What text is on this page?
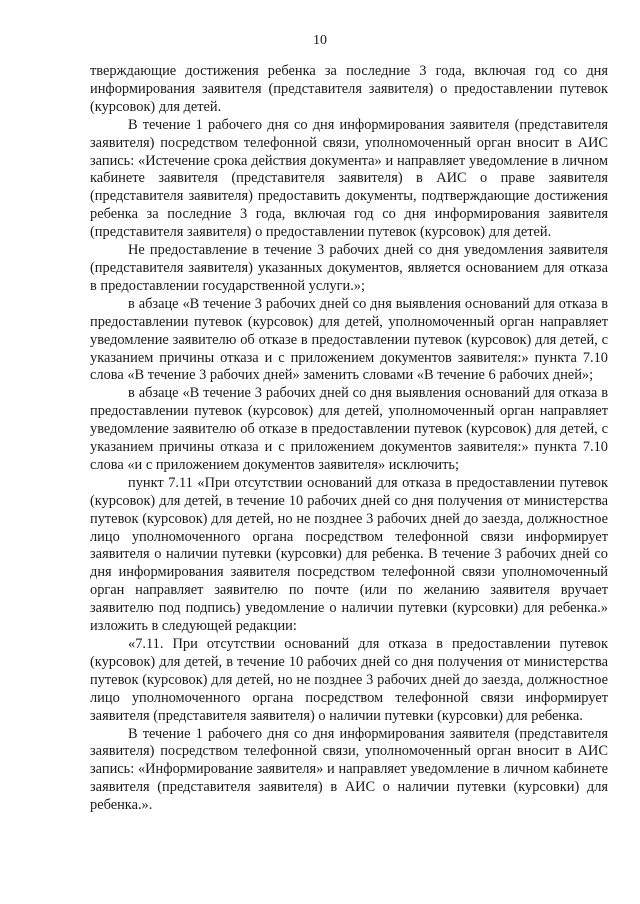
10

тверждающие достижения ребенка за последние 3 года, включая год со дня информирования заявителя (представителя заявителя) о предоставлении путевок (курсовок) для детей.

В течение 1 рабочего дня со дня информирования заявителя (представителя заявителя) посредством телефонной связи, уполномоченный орган вносит в АИС запись: «Истечение срока действия документа» и направляет уведомление в личном кабинете заявителя (представителя заявителя) в АИС о праве заявителя (представителя заявителя) предоставить документы, подтверждающие достижения ребенка за последние 3 года, включая год со дня информирования заявителя (представителя заявителя) о предоставлении путевок (курсовок) для детей.

Не предоставление в течение 3 рабочих дней со дня уведомления заявителя (представителя заявителя) указанных документов, является основанием для отказа в предоставлении государственной услуги.»;

в абзаце «В течение 3 рабочих дней со дня выявления оснований для отказа в предоставлении путевок (курсовок) для детей, уполномоченный орган направляет уведомление заявителю об отказе в предоставлении путевок (курсовок) для детей, с указанием причины отказа и с приложением документов заявителя:» пункта 7.10 слова «В течение 3 рабочих дней» заменить словами «В течение 6 рабочих дней»;

в абзаце «В течение 3 рабочих дней со дня выявления оснований для отказа в предоставлении путевок (курсовок) для детей, уполномоченный орган направляет уведомление заявителю об отказе в предоставлении путевок (курсовок) для детей, с указанием причины отказа и с приложением документов заявителя:» пункта 7.10 слова «и с приложением документов заявителя» исключить;

пункт 7.11 «При отсутствии оснований для отказа в предоставлении путевок (курсовок) для детей, в течение 10 рабочих дней со дня получения от министерства путевок (курсовок) для детей, но не позднее 3 рабочих дней до заезда, должностное лицо уполномоченного органа посредством телефонной связи информирует заявителя о наличии путевки (курсовки) для ребенка. В течение 3 рабочих дней со дня информирования заявителя посредством телефонной связи уполномоченный орган направляет заявителю по почте (или по желанию заявителя вручает заявителю под подпись) уведомление о наличии путевки (курсовки) для ребенка.» изложить в следующей редакции:

«7.11. При отсутствии оснований для отказа в предоставлении путевок (курсовок) для детей, в течение 10 рабочих дней со дня получения от министерства путевок (курсовок) для детей, но не позднее 3 рабочих дней до заезда, должностное лицо уполномоченного органа посредством телефонной связи информирует заявителя (представителя заявителя) о наличии путевки (курсовки) для ребенка.

В течение 1 рабочего дня со дня информирования заявителя (представителя заявителя) посредством телефонной связи, уполномоченный орган вносит в АИС запись: «Информирование заявителя» и направляет уведомление в личном кабинете заявителя (представителя заявителя) в АИС о наличии путевки (курсовки) для ребенка.».
